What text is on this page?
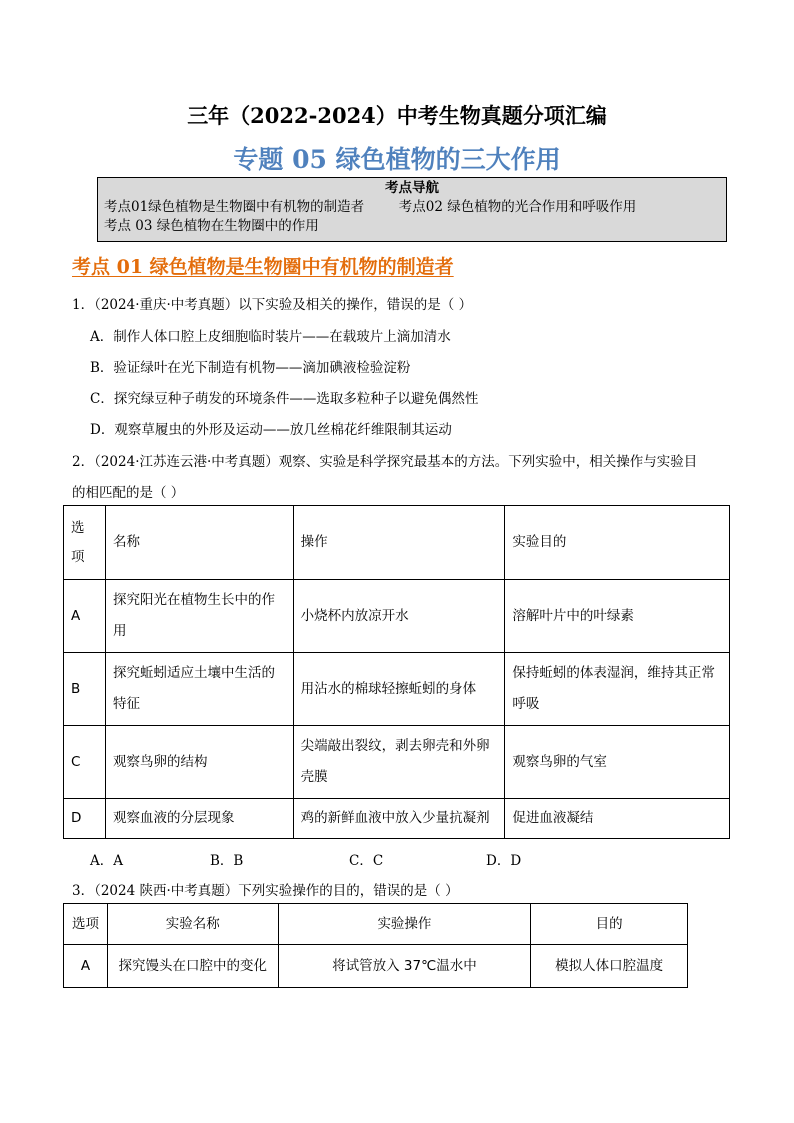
三年（2022-2024）中考生物真题分项汇编
专题 05 绿色植物的三大作用
考点导航
考点01绿色植物是生物圈中有机物的制造者	考点02 绿色植物的光合作用和呼吸作用
考点 03 绿色植物在生物圈中的作用
考点 01 绿色植物是生物圈中有机物的制造者
1．（2024·重庆·中考真题）以下实验及相关的操作，错误的是（ ）
A．制作人体口腔上皮细胞临时装片——在载玻片上滴加清水
B．验证绿叶在光下制造有机物——滴加碘液检验淀粉
C．探究绿豆种子萌发的环境条件——选取多粒种子以避免偶然性
D．观察草履虫的外形及运动——放几丝棉花纤维限制其运动
2．（2024·江苏连云港·中考真题）观察、实验是科学探究最基本的方法。下列实验中，相关操作与实验目
的相匹配的是（ ）
选
项	名称	操作	实验目的
A	探究阳光在植物生长中的作用	小烧杯内放凉开水	溶解叶片中的叶绿素
B	探究蚯蚓适应土壤中生活的特征	用沾水的棉球轻擦蚯蚓的身体	保持蚯蚓的体表湿润，维持其正常呼吸
C	观察鸟卵的结构	尖端敲出裂纹，剥去卵壳和外卵壳膜	观察鸟卵的气室
D	观察血液的分层现象	鸡的新鲜血液中放入少量抗凝剂	促进血液凝结
A．A	B．B	C．C	D．D
3．（2024 陕西·中考真题）下列实验操作的目的，错误的是（ ）
选项	实验名称	实验操作	目的
A	探究馒头在口腔中的变化	将试管放入 37℃温水中	模拟人体口腔温度
